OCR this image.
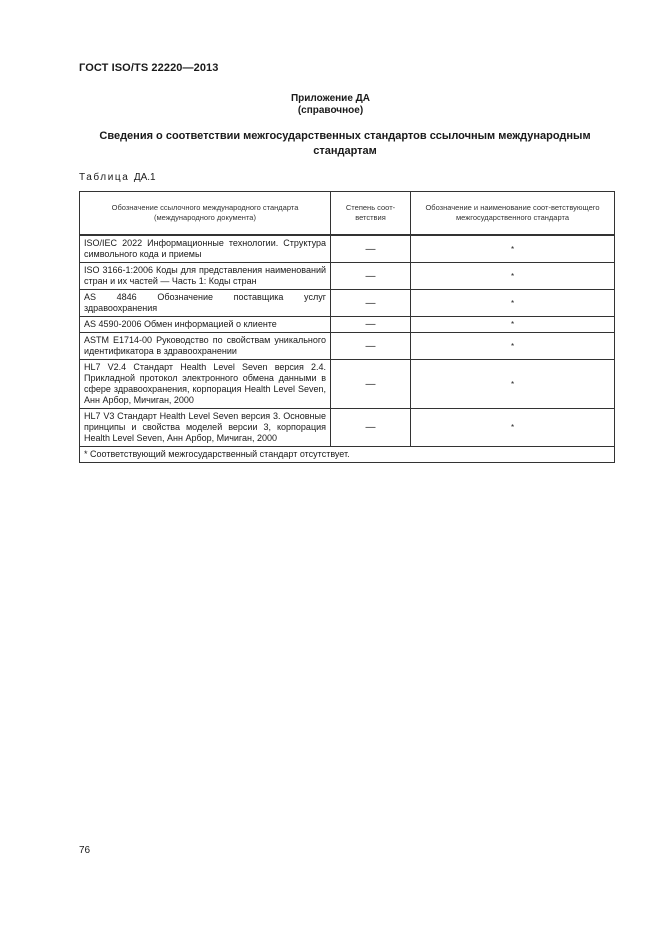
ГОСТ ISO/TS 22220—2013
Приложение ДА
(справочное)
Сведения о соответствии межгосударственных стандартов ссылочным международным стандартам
Таблица ДА.1
Обозначение ссылочного международного стандарта (международного документа)	Степень соот-ветствия	Обозначение и наименование соот-ветствующего межгосударственного стандарта
ISO/IEC 2022 Информационные технологии. Структура символьного кода и приемы	—	*
ISO 3166-1:2006 Коды для представления наименований стран и их частей — Часть 1: Коды стран	—	*
AS 4846 Обозначение поставщика услуг здравоохранения	—	*
AS 4590-2006 Обмен информацией о клиенте	—	*
ASTM E1714-00 Руководство по свойствам уникального идентификатора в здравоохранении	—	*
HL7 V2.4 Стандарт Health Level Seven версия 2.4. Прикладной протокол электронного обмена данными в сфере здравоохранения, корпорация Health Level Seven, Анн Арбор, Мичиган, 2000	—	*
HL7 V3 Стандарт Health Level Seven версия 3. Основные принципы и свойства моделей версии 3, корпорация Health Level Seven, Анн Арбор, Мичиган, 2000	—	*
* Соответствующий межгосударственный стандарт отсутствует.		
76
